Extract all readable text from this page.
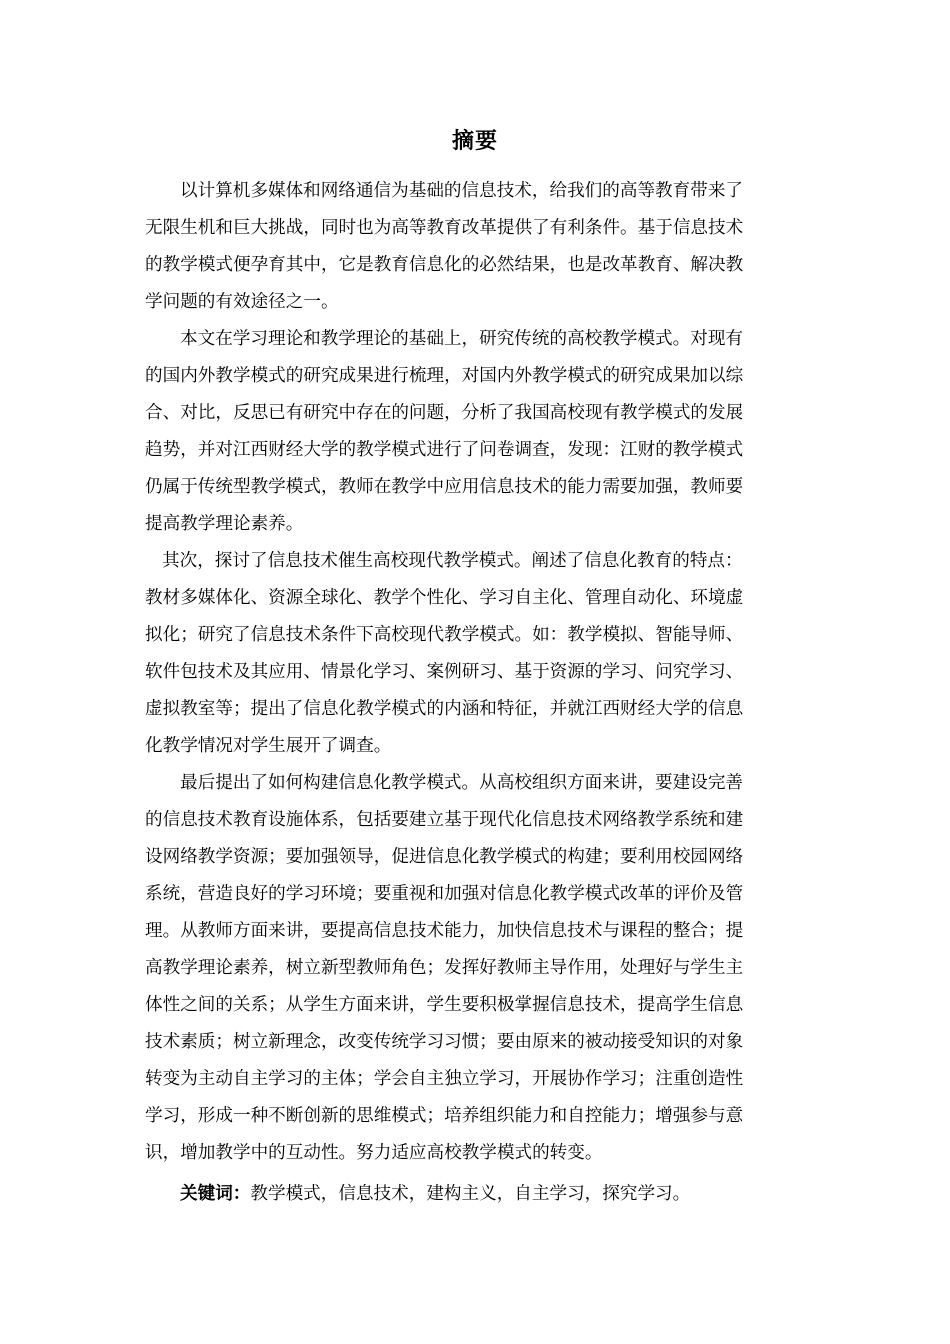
摘要
以计算机多媒体和网络通信为基础的信息技术，给我们的高等教育带来了
无限生机和巨大挑战，同时也为高等教育改革提供了有利条件。基于信息技术
的教学模式便孕育其中，它是教育信息化的必然结果，也是改革教育、解决教
学问题的有效途径之一。
本文在学习理论和教学理论的基础上，研究传统的高校教学模式。对现有
的国内外教学模式的研究成果进行梳理，对国内外教学模式的研究成果加以综
合、对比，反思已有研究中存在的问题，分析了我国高校现有教学模式的发展
趋势，并对江西财经大学的教学模式进行了问卷调查，发现：江财的教学模式
仍属于传统型教学模式，教师在教学中应用信息技术的能力需要加强，教师要
提高教学理论素养。
其次，探讨了信息技术催生高校现代教学模式。阐述了信息化教育的特点：
教材多媒体化、资源全球化、教学个性化、学习自主化、管理自动化、环境虚
拟化；研究了信息技术条件下高校现代教学模式。如：教学模拟、智能导师、
软件包技术及其应用、情景化学习、案例研习、基于资源的学习、问究学习、
虚拟教室等；提出了信息化教学模式的内涵和特征，并就江西财经大学的信息
化教学情况对学生展开了调查。
最后提出了如何构建信息化教学模式。从高校组织方面来讲，要建设完善
的信息技术教育设施体系，包括要建立基于现代化信息技术网络教学系统和建
设网络教学资源；要加强领导，促进信息化教学模式的构建；要利用校园网络
系统，营造良好的学习环境；要重视和加强对信息化教学模式改革的评价及管
理。从教师方面来讲，要提高信息技术能力，加快信息技术与课程的整合；提
高教学理论素养，树立新型教师角色；发挥好教师主导作用，处理好与学生主
体性之间的关系；从学生方面来讲，学生要积极掌握信息技术，提高学生信息
技术素质；树立新理念，改变传统学习习惯；要由原来的被动接受知识的对象
转变为主动自主学习的主体；学会自主独立学习，开展协作学习；注重创造性
学习，形成一种不断创新的思维模式；培养组织能力和自控能力；增强参与意
识，增加教学中的互动性。努力适应高校教学模式的转变。
关键词：教学模式，信息技术，建构主义，自主学习，探究学习。
